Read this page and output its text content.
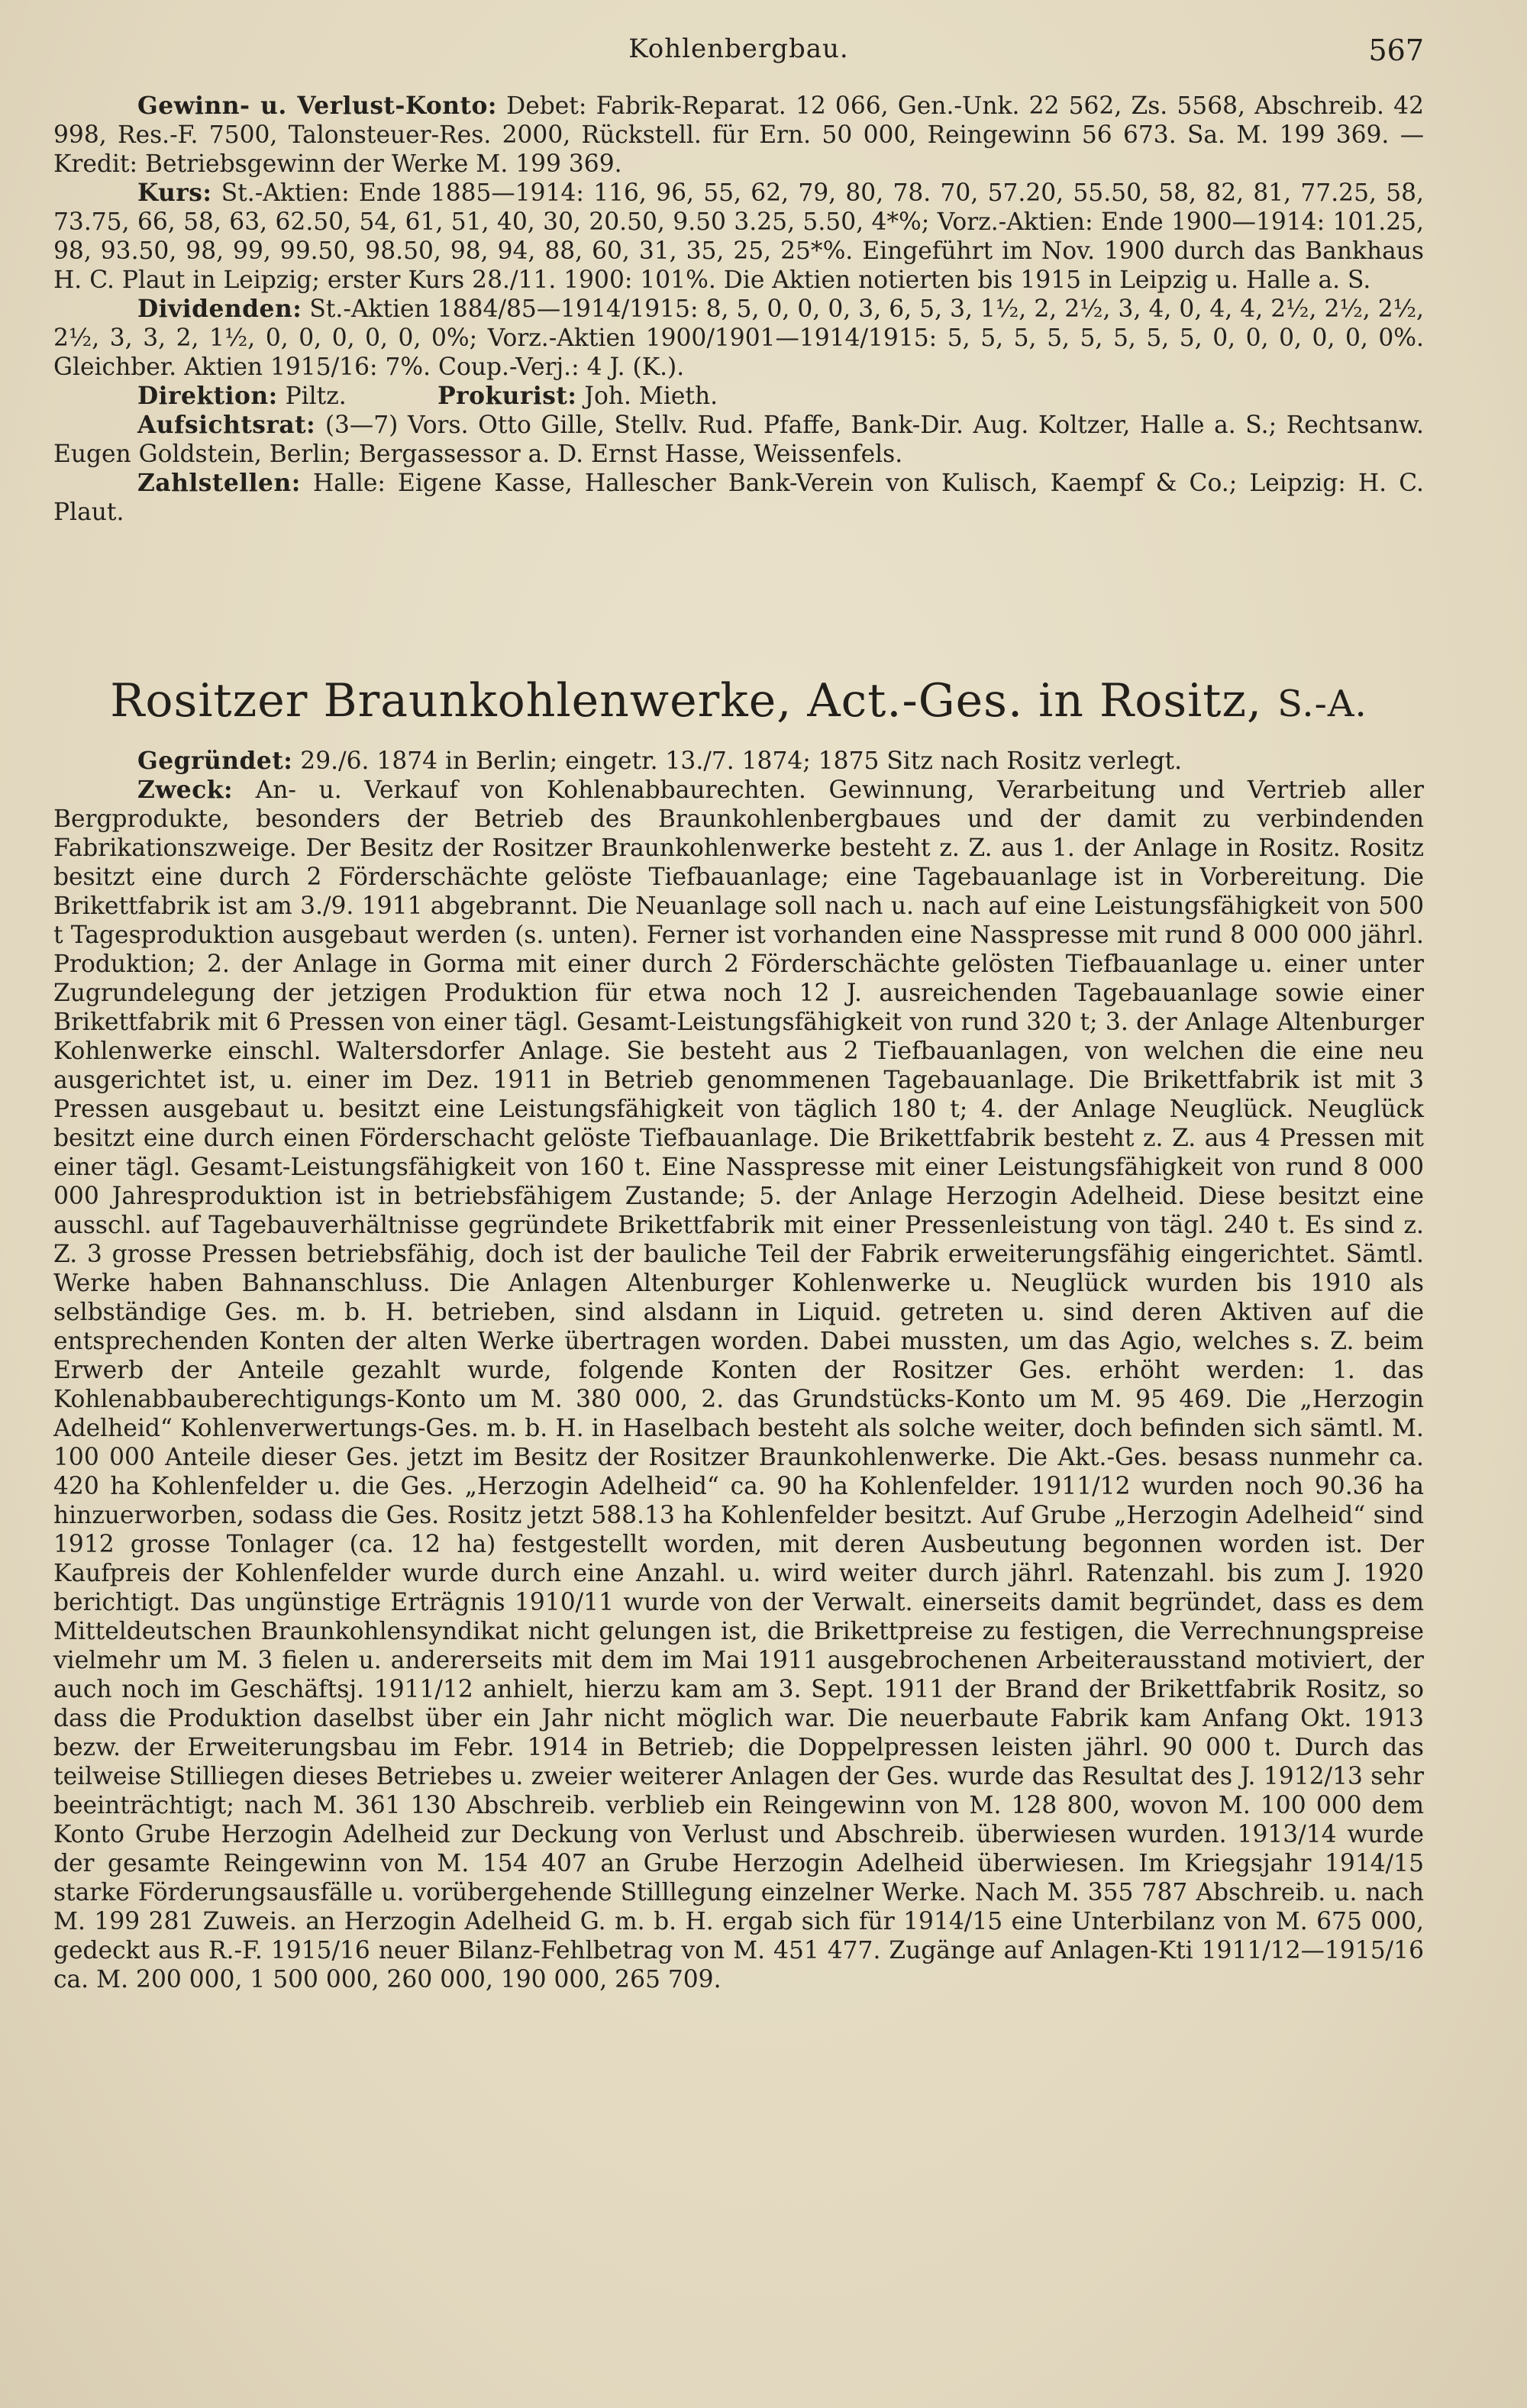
Kohlenbergbau.	567

Gewinn- u. Verlust-Konto: Debet: Fabrik-Reparat. 12 066, Gen.-Unk. 22 562, Zs. 5568, Abschreib. 42 998, Res.-F. 7500, Talonsteuer-Res. 2000, Rückstell. für Ern. 50 000, Reingewinn 56 673. Sa. M. 199 369. — Kredit: Betriebsgewinn der Werke M. 199 369.

Kurs: St.-Aktien: Ende 1885—1914: 116, 96, 55, 62, 79, 80, 78. 70, 57.20, 55.50, 58, 82, 81, 77.25, 58, 73.75, 66, 58, 63, 62.50, 54, 61, 51, 40, 30, 20.50, 9.50 3.25, 5.50, 4*%; Vorz.-Aktien: Ende 1900—1914: 101.25, 98, 93.50, 98, 99, 99.50, 98.50, 98, 94, 88, 60, 31, 35, 25, 25*%. Eingeführt im Nov. 1900 durch das Bankhaus H. C. Plaut in Leipzig; erster Kurs 28./11. 1900: 101%. Die Aktien notierten bis 1915 in Leipzig u. Halle a. S.

Dividenden: St.-Aktien 1884/85—1914/1915: 8, 5, 0, 0, 0, 3, 6, 5, 3, 1½, 2, 2½, 3, 4, 0, 4, 4, 2½, 2½, 2½, 2½, 3, 3, 2, 1½, 0, 0, 0, 0, 0, 0%; Vorz.-Aktien 1900/1901—1914/1915: 5, 5, 5, 5, 5, 5, 5, 5, 0, 0, 0, 0, 0, 0%. Gleichber. Aktien 1915/16: 7%. Coup.-Verj.: 4 J. (K.).

Direktion: Piltz.	Prokurist: Joh. Mieth.

Aufsichtsrat: (3—7) Vors. Otto Gille, Stellv. Rud. Pfaffe, Bank-Dir. Aug. Koltzer, Halle a. S.; Rechtsanw. Eugen Goldstein, Berlin; Bergassessor a. D. Ernst Hasse, Weissenfels.

Zahlstellen: Halle: Eigene Kasse, Hallescher Bank-Verein von Kulisch, Kaempf & Co.; Leipzig: H. C. Plaut.

Rositzer Braunkohlenwerke, Act.-Ges. in Rositz, S.-A.

Gegründet: 29./6. 1874 in Berlin; eingetr. 13./7. 1874; 1875 Sitz nach Rositz verlegt.

Zweck: An- u. Verkauf von Kohlenabbaurechten. Gewinnung, Verarbeitung und Vertrieb aller Bergprodukte, besonders der Betrieb des Braunkohlenbergbaues und der damit zu verbindenden Fabrikationszweige. Der Besitz der Rositzer Braunkohlenwerke besteht z. Z. aus 1. der Anlage in Rositz. Rositz besitzt eine durch 2 Förderschächte gelöste Tiefbauanlage; eine Tagebauanlage ist in Vorbereitung. Die Brikettfabrik ist am 3./9. 1911 abgebrannt. Die Neuanlage soll nach u. nach auf eine Leistungsfähigkeit von 500 t Tagesproduktion ausgebaut werden (s. unten). Ferner ist vorhanden eine Nasspresse mit rund 8 000 000 jährl. Produktion; 2. der Anlage in Gorma mit einer durch 2 Förderschächte gelösten Tiefbauanlage u. einer unter Zugrundelegung der jetzigen Produktion für etwa noch 12 J. ausreichenden Tagebauanlage sowie einer Brikettfabrik mit 6 Pressen von einer tägl. Gesamt-Leistungsfähigkeit von rund 320 t; 3. der Anlage Altenburger Kohlenwerke einschl. Waltersdorfer Anlage. Sie besteht aus 2 Tiefbauanlagen, von welchen die eine neu ausgerichtet ist, u. einer im Dez. 1911 in Betrieb genommenen Tagebauanlage. Die Brikettfabrik ist mit 3 Pressen ausgebaut u. besitzt eine Leistungsfähigkeit von täglich 180 t; 4. der Anlage Neuglück. Neuglück besitzt eine durch einen Förderschacht gelöste Tiefbauanlage. Die Brikettfabrik besteht z. Z. aus 4 Pressen mit einer tägl. Gesamt-Leistungsfähigkeit von 160 t. Eine Nasspresse mit einer Leistungsfähigkeit von rund 8 000 000 Jahresproduktion ist in betriebsfähigem Zustande; 5. der Anlage Herzogin Adelheid. Diese besitzt eine ausschl. auf Tagebauverhältnisse gegründete Brikettfabrik mit einer Pressenleistung von tägl. 240 t. Es sind z. Z. 3 grosse Pressen betriebsfähig, doch ist der bauliche Teil der Fabrik erweiterungsfähig eingerichtet. Sämtl. Werke haben Bahnanschluss. Die Anlagen Altenburger Kohlenwerke u. Neuglück wurden bis 1910 als selbständige Ges. m. b. H. betrieben, sind alsdann in Liquid. getreten u. sind deren Aktiven auf die entsprechenden Konten der alten Werke übertragen worden. Dabei mussten, um das Agio, welches s. Z. beim Erwerb der Anteile gezahlt wurde, folgende Konten der Rositzer Ges. erhöht werden: 1. das Kohlenabbauberechtigungs-Konto um M. 380 000, 2. das Grundstücks-Konto um M. 95 469. Die „Herzogin Adelheid“ Kohlenverwertungs-Ges. m. b. H. in Haselbach besteht als solche weiter, doch befinden sich sämtl. M. 100 000 Anteile dieser Ges. jetzt im Besitz der Rositzer Braunkohlenwerke. Die Akt.-Ges. besass nunmehr ca. 420 ha Kohlenfelder u. die Ges. „Herzogin Adelheid“ ca. 90 ha Kohlenfelder. 1911/12 wurden noch 90.36 ha hinzuerworben, sodass die Ges. Rositz jetzt 588.13 ha Kohlenfelder besitzt. Auf Grube „Herzogin Adelheid“ sind 1912 grosse Tonlager (ca. 12 ha) festgestellt worden, mit deren Ausbeutung begonnen worden ist. Der Kaufpreis der Kohlenfelder wurde durch eine Anzahl. u. wird weiter durch jährl. Ratenzahl. bis zum J. 1920 berichtigt. Das ungünstige Erträgnis 1910/11 wurde von der Verwalt. einerseits damit begründet, dass es dem Mitteldeutschen Braunkohlensyndikat nicht gelungen ist, die Brikettpreise zu festigen, die Verrechnungspreise vielmehr um M. 3 fielen u. andererseits mit dem im Mai 1911 ausgebrochenen Arbeiterausstand motiviert, der auch noch im Geschäftsj. 1911/12 anhielt, hierzu kam am 3. Sept. 1911 der Brand der Brikettfabrik Rositz, so dass die Produktion daselbst über ein Jahr nicht möglich war. Die neuerbaute Fabrik kam Anfang Okt. 1913 bezw. der Erweiterungsbau im Febr. 1914 in Betrieb; die Doppelpressen leisten jährl. 90 000 t. Durch das teilweise Stilliegen dieses Betriebes u. zweier weiterer Anlagen der Ges. wurde das Resultat des J. 1912/13 sehr beeinträchtigt; nach M. 361 130 Abschreib. verblieb ein Reingewinn von M. 128 800, wovon M. 100 000 dem Konto Grube Herzogin Adelheid zur Deckung von Verlust und Abschreib. überwiesen wurden. 1913/14 wurde der gesamte Reingewinn von M. 154 407 an Grube Herzogin Adelheid überwiesen. Im Kriegsjahr 1914/15 starke Förderungsausfälle u. vorübergehende Stilllegung einzelner Werke. Nach M. 355 787 Abschreib. u. nach M. 199 281 Zuweis. an Herzogin Adelheid G. m. b. H. ergab sich für 1914/15 eine Unterbilanz von M. 675 000, gedeckt aus R.-F. 1915/16 neuer Bilanz-Fehlbetrag von M. 451 477. Zugänge auf Anlagen-Kti 1911/12—1915/16 ca. M. 200 000, 1 500 000, 260 000, 190 000, 265 709.
